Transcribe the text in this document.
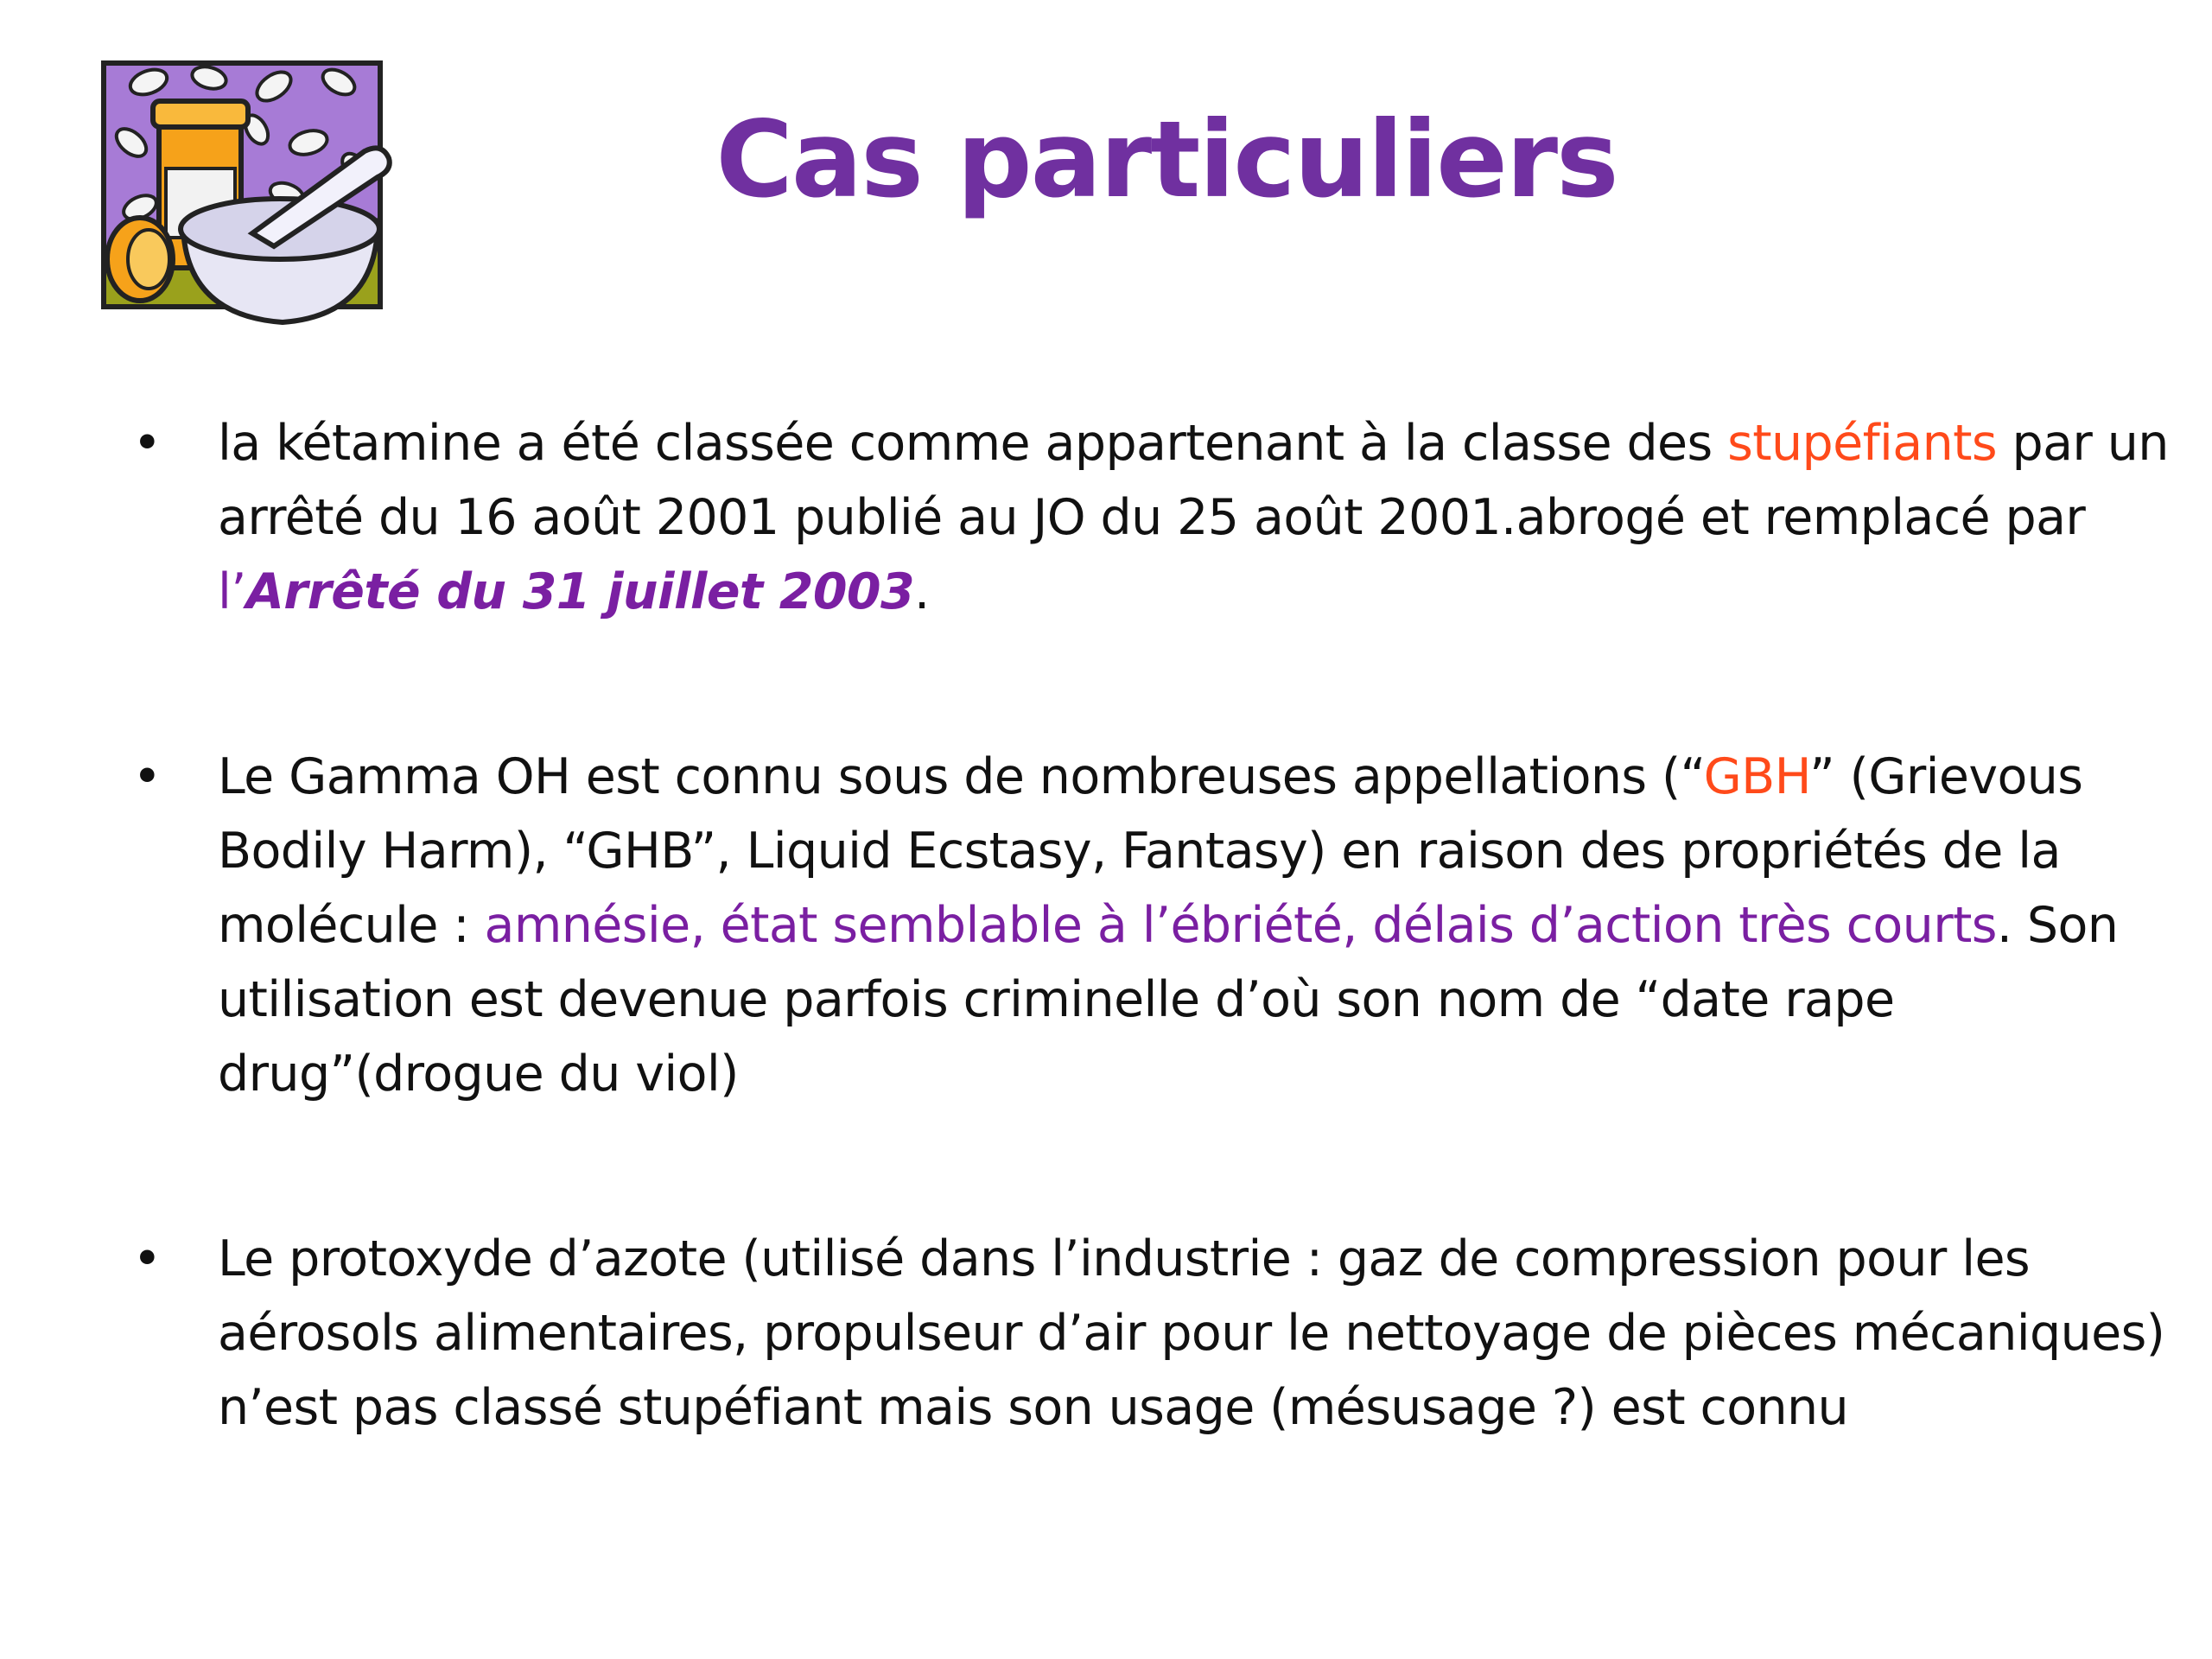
Cas particuliers
• la kétamine a été classée comme appartenant à la classe des stupéfiants par un arrêté du 16 août 2001 publié au JO du 25 août 2001.abrogé et remplacé par l’Arrêté du 31 juillet 2003.
• Le Gamma OH est connu sous de nombreuses appellations (“GBH” (Grievous Bodily Harm), “GHB”, Liquid Ecstasy, Fantasy) en raison des propriétés de la molécule : amnésie, état semblable à l’ébriété, délais d’action très courts. Son utilisation est devenue parfois criminelle d’où son nom de “date rape drug”(drogue du viol)
• Le protoxyde d’azote (utilisé dans l’industrie : gaz de compression pour les aérosols alimentaires, propulseur d’air pour le nettoyage de pièces mécaniques) n’est pas classé stupéfiant mais son usage (mésusage ?) est connu
